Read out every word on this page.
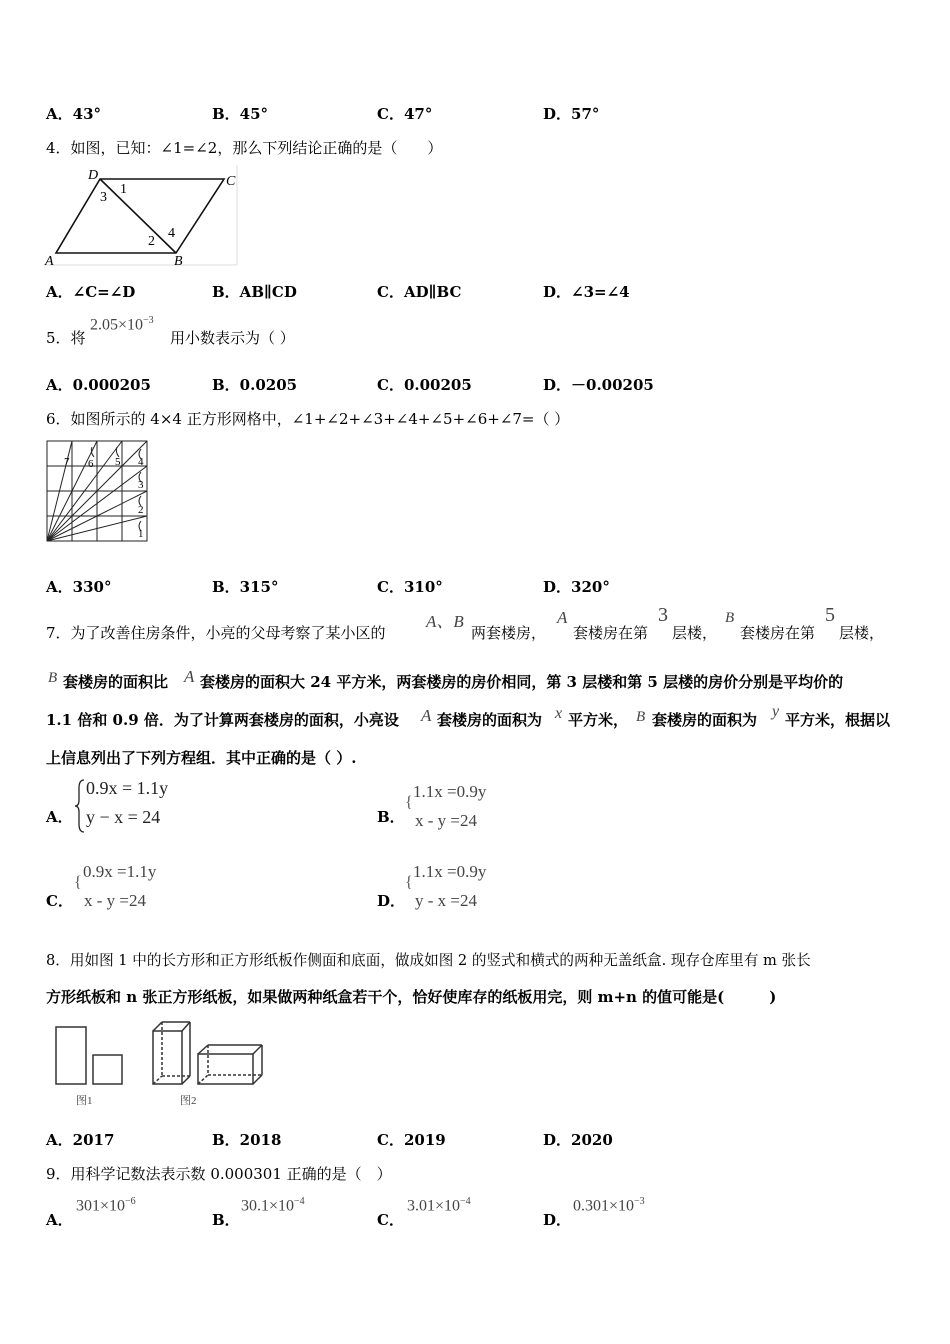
A．43°	B．45°	C．47°	D．57°
4．如图，已知：∠1=∠2，那么下列结论正确的是（　　）
D	C
A	B
1
2
3
4
A．∠C=∠D	B．AB∥CD	C．AD∥BC	D．∠3=∠4
5．将
$2.05\times 10^{-3}$
用小数表示为（ ）
A．0.000205	B．0.0205	C．0.00205	D．－0.00205
6．如图所示的 4×4 正方形网格中，∠1+∠2+∠3+∠4+∠5+∠6+∠7=（ ）
1
2
3
4
5
6
7
A．330°	B．315°	C．310°	D．320°
7．为了改善住房条件，小亮的父母考察了某小区的
A、B
两套楼房，
A
套楼房在第
3
层楼，
B
套楼房在第
5
层楼，
B 套楼房的面积比 A 套楼房的面积大 24 平方米，两套楼房的房价相同，第 3 层楼和第 5 层楼的房价分别是平均价的
1.1 倍和 0.9 倍．为了计算两套楼房的面积，小亮设 A 套楼房的面积为 x 平方米， B 套楼房的面积为 y 平方米，根据以
上信息列出了下列方程组．其中正确的是（ ）.
A．
0.9x = 1.1y
y − x = 24	B．
{
1.1x =0.9y
x - y =24
C．
{
0.9x =1.1y
x - y =24	D．
{
1.1x =0.9y
y - x =24
8．用如图 1 中的长方形和正方形纸板作侧面和底面，做成如图 2 的竖式和横式的两种无盖纸盒. 现存仓库里有 m 张长
方形纸板和 n 张正方形纸板，如果做两种纸盒若干个，恰好使库存的纸板用完，则 m+n 的值可能是(　　　)
图1	图2
A．2017	B．2018	C．2019	D．2020
9．用科学记数法表示数 0.000301 正确的是（　）
A．
$301\times 10^{-6}$
B．
$30.1\times 10^{-4}$
C．
$3.01\times 10^{-4}$
D．
$0.301\times 10^{-3}$
